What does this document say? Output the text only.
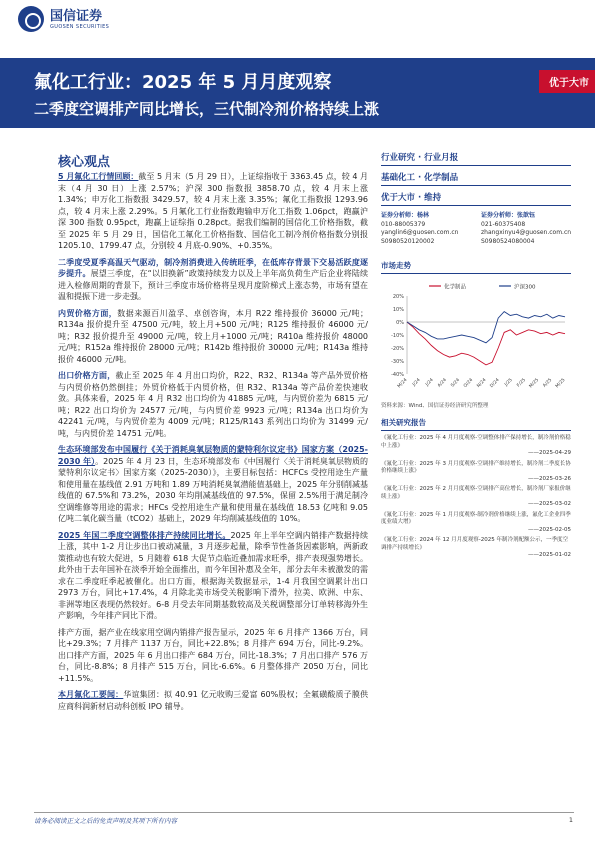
国信证券
GUOSEN SECURITIES
氟化工行业：2025 年 5 月月度观察
二季度空调排产同比增长，三代制冷剂价格持续上涨
优于大市
核心观点

5 月氟化工行情回顾：截至 5 月末（5 月 29 日），上证综指收于 3363.45 点，较 4 月末（4 月 30 日）上涨 2.57%；沪深 300 指数报 3858.70 点，较 4 月末上涨 1.34%；申万化工指数报 3429.57，较 4 月末上涨 3.35%；氟化工指数报 1293.96 点，较 4 月末上涨 2.29%。5 月氟化工行业指数跑输申万化工指数 1.06pct，跑赢沪深 300 指数 0.95pct，跑赢上证综指 0.28pct。据我们编制的国信化工价格指数，截至 2025 年 5 月 29 日，国信化工氟化工价格指数、国信化工制冷剂价格指数分别报 1205.10、1799.47 点，分别较 4 月底-0.90%、+0.35%。

二季度受夏季高温天气驱动，制冷剂消费进入传统旺季，在低库存背景下交易活跃度逐步提升。展望三季度，在“以旧换新”政策持续发力以及上半年高负荷生产后企业将陆续进入检修周期的背景下，预计三季度市场价格将呈现月度阶梯式上涨态势，市场有望在温和提振下进一步走强。

内贸价格方面，数据来源百川盈孚、卓创咨询，本月 R22 维持报价 36000 元/吨；R134a 报价提升至 47500 元/吨，较上月+500 元/吨；R125 维持报价 46000 元/吨；R32 报价提升至 49000 元/吨，较上月+1000 元/吨；R410a 维持报价 48000 元/吨；R152a 维持报价 28000 元/吨；R142b 维持报价 30000 元/吨；R143a 维持报价 46000 元/吨。

出口价格方面，截止至 2025 年 4 月出口均价，R22、R32、R134a 等产品外贸价格与内贸价格仍然倒挂；外贸价格低于内贸价格，但 R32、R134a 等产品价差快速收敛。具体来看，2025 年 4 月 R32 出口均价为 41885 元/吨，与内贸价差为 6815 元/吨；R22 出口均价为 24577 元/吨，与内贸价差 9923 元/吨；R134a 出口均价为 42241 元/吨，与内贸价差为 4009 元/吨；R125/R143 系列出口均价为 31499 元/吨，与内贸价差 14751 元/吨。

生态环境部发布中国履行《关于消耗臭氧层物质的蒙特利尔议定书》国家方案（2025-2030 年）。2025 年 4 月 23 日，生态环境部发布《中国履行〈关于消耗臭氧层物质的蒙特利尔议定书〉国家方案（2025-2030）》，主要目标包括：HCFCs 受控用途生产量和使用量在基线值 2.91 万吨和 1.89 万吨消耗臭氧潜能值基础上，2025 年分别削减基线值的 67.5%和 73.2%，2030 年均削减基线值的 97.5%，保留 2.5%用于满足制冷空调维修等用途的需求；HFCs 受控用途生产量和使用量在基线值 18.53 亿吨和 9.05 亿吨二氧化碳当量（tCO2）基础上，2029 年均削减基线值的 10%。

2025 年国二季度空调整体排产持续同比增长。2025 年上半年空调内销排产数据持续上涨，其中 1-2 月让步出口被动减量，3 月逐步起量，除季节性备货因素影响，两新政策推动也有较大促进，5 月随着 618 大促节点临近叠加需求旺季，排产表现强势增长。此外由于去年国补在淡季开始全面推出，而今年国补惠及全年，部分去年未被激发的需求在二季度旺季起被催化。出口方面，根据海关数据显示，1-4 月我国空调累计出口 2973 万台，同比+17.4%，4 月除北美市场受关税影响下滑外，拉美、欧洲、中东、非洲等地区表现仍然较好。6-8 月受去年同期基数较高及关税调整部分订单转移海外生产影响，今年排产同比下滑。

排产方面，据产业在线家用空调内销排产报告显示，2025 年 6 月排产 1366 万台，同比+29.3%；7 月排产 1137 万台，同比+22.8%；8 月排产 694 万台，同比-9.2%。出口排产方面，2025 年 6 月出口排产 684 万台，同比-18.3%；7 月出口排产 576 万台，同比-8.8%；8 月排产 515 万台，同比-6.6%。6 月整体排产 2050 万台，同比+11.5%。

本月氟化工要闻：华谊集团：拟 40.91 亿元收购三爱富 60%股权；全氟磺酸质子膜供应商科润新材启动科创板 IPO 辅导。

行业研究 · 行业月报
基础化工 · 化学制品
优于大市 · 维持
证券分析师：杨林
010-88005379
yanglin6@guosen.com.cn
S0980520120002
证券分析师：张歆钰
021-60375408
zhangxinyu4@guosen.com.cn
S0980524080004
市场走势
化学制品	沪深300
20%
10%
0%
-10%
-20%
-30%
-40%
M/24 J/24 J/24 A/24 S/24 O/24 N/24 D/24 J/25 F/25 M/25 A/25 M/25
资料来源：Wind、国信证券经济研究所整理
相关研究报告
《氟化工行业：2025 年 4 月月度观察-空调整体排产保持增长，制冷剂价格稳中上涨》
——2025-04-29
《氟化工行业：2025 年 3 月月度观察-空调排产维持增长，制冷剂二季度长协价格继续上涨》
——2025-03-26
《氟化工行业：2025 年 2 月月度观察-空调排产高位增长，制冷剂厂家报价继续上涨》
——2025-03-02
《氟化工行业：2025 年 1 月月度观察-制冷剂价格继续上涨，氟化工企业四季度业绩大增》
——2025-02-05
《氟化工行业：2024 年 12 月月度观察-2025 年制冷剂配额公示，一季度空调排产持续增长》
——2025-01-02
请务必阅读正文之后的免责声明及其项下所有内容	1
